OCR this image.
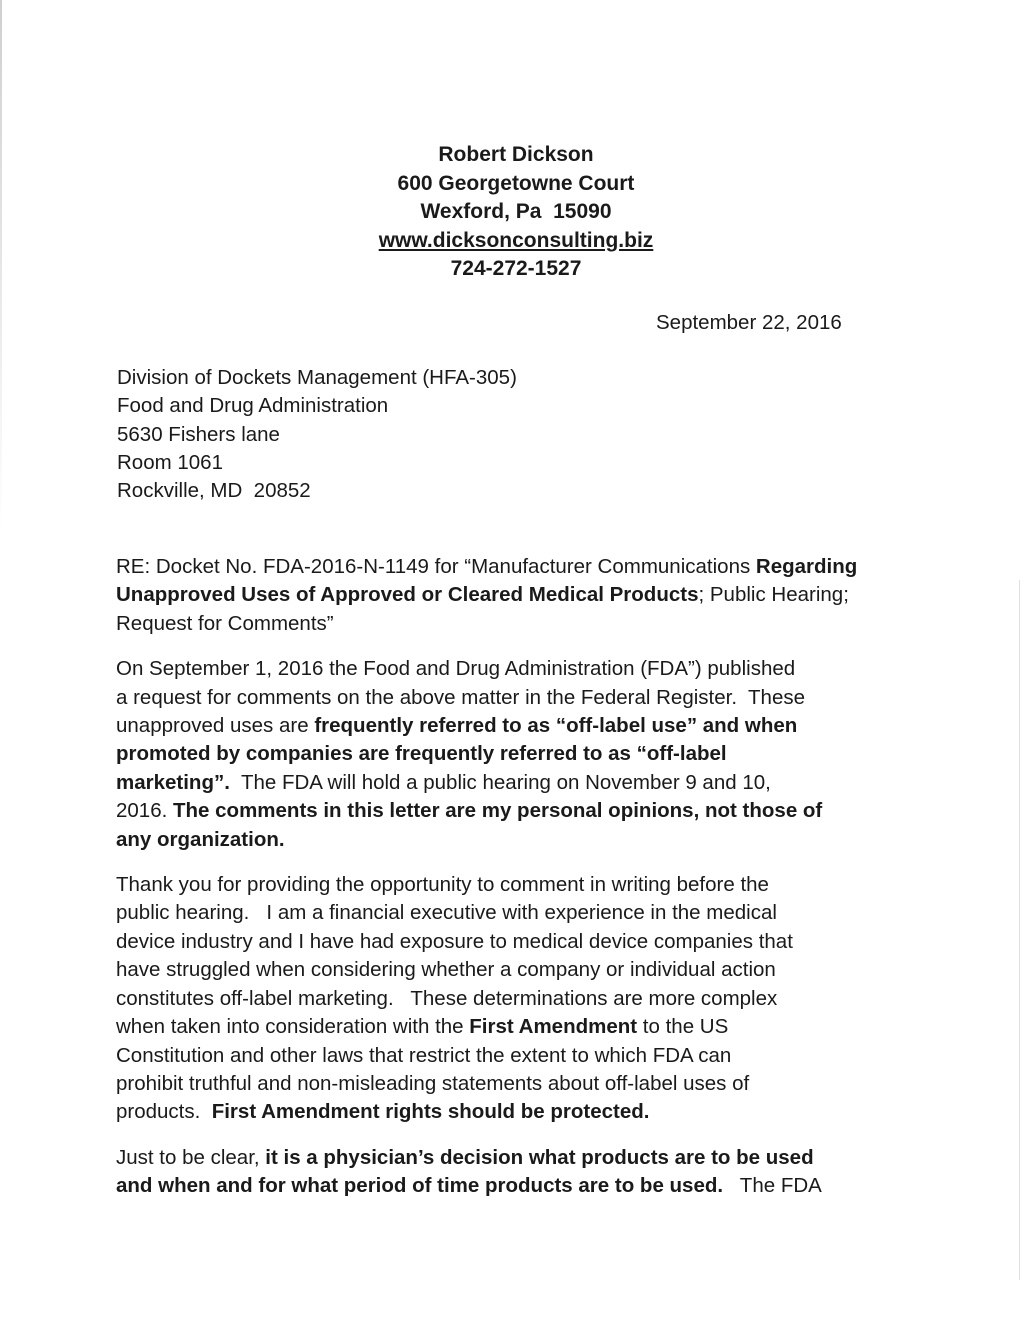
Robert Dickson
600 Georgetowne Court
Wexford, Pa  15090
www.dicksonconsulting.biz
724-272-1527
September 22, 2016
Division of Dockets Management (HFA-305)
Food and Drug Administration
5630 Fishers lane
Room 1061
Rockville, MD  20852

RE: Docket No. FDA-2016-N-1149 for “Manufacturer Communications Regarding
Unapproved Uses of Approved or Cleared Medical Products; Public Hearing;
Request for Comments”

On September 1, 2016 the Food and Drug Administration (FDA”) published
a request for comments on the above matter in the Federal Register.  These
unapproved uses are frequently referred to as “off-label use” and when
promoted by companies are frequently referred to as “off-label
marketing”.  The FDA will hold a public hearing on November 9 and 10,
2016. The comments in this letter are my personal opinions, not those of
any organization.

Thank you for providing the opportunity to comment in writing before the
public hearing.   I am a financial executive with experience in the medical
device industry and I have had exposure to medical device companies that
have struggled when considering whether a company or individual action
constitutes off-label marketing.   These determinations are more complex
when taken into consideration with the First Amendment to the US
Constitution and other laws that restrict the extent to which FDA can
prohibit truthful and non-misleading statements about off-label uses of
products.  First Amendment rights should be protected.

Just to be clear, it is a physician’s decision what products are to be used
and when and for what period of time products are to be used.   The FDA
